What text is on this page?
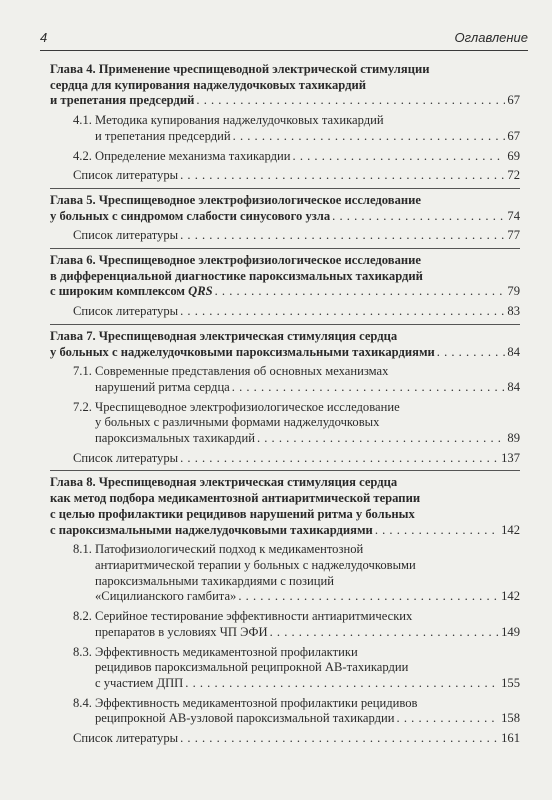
4	Оглавление
Глава 4. Применение чреспищеводной электрической стимуляции
сердца для купирования наджелудочковых тахикардий
и трепетания предсердий . . .	67
4.1. Методика купирования наджелудочковых тахикардий
и трепетания предсердий . . .	67
4.2. Определение механизма тахикардии . . .	69
Список литературы . . .	72
Глава 5. Чреспищеводное электрофизиологическое исследование
у больных с синдромом слабости синусового узла . . .	74
Список литературы . . .	77
Глава 6. Чреспищеводное электрофизиологическое исследование
в дифференциальной диагностике пароксизмальных тахикардий
с широким комплексом QRS . . .	79
Список литературы . . .	83
Глава 7. Чреспищеводная электрическая стимуляция сердца
у больных с наджелудочковыми пароксизмальными тахикардиями . . .	84
7.1. Современные представления об основных механизмах
нарушений ритма сердца . . .	84
7.2. Чреспищеводное электрофизиологическое исследование
у больных с различными формами наджелудочковых
пароксизмальных тахикардий . . .	89
Список литературы . . .	137
Глава 8. Чреспищеводная электрическая стимуляция сердца
как метод подбора медикаментозной антиаритмической терапии
с целью профилактики рецидивов нарушений ритма у больных
с пароксизмальными наджелудочковыми тахикардиями . . .	142
8.1. Патофизиологический подход к медикаментозной
антиаритмической терапии у больных с наджелудочковыми
пароксизмальными тахикардиями с позиций
«Сицилианского гамбита» . . .	142
8.2. Серийное тестирование эффективности антиаритмических
препаратов в условиях ЧП ЭФИ . . .	149
8.3. Эффективность медикаментозной профилактики
рецидивов пароксизмальной реципрокной АВ-тахикардии
с участием ДПП . . .	155
8.4. Эффективность медикаментозной профилактики рецидивов
реципрокной АВ-узловой пароксизмальной тахикардии . . .	158
Список литературы . . .	161
